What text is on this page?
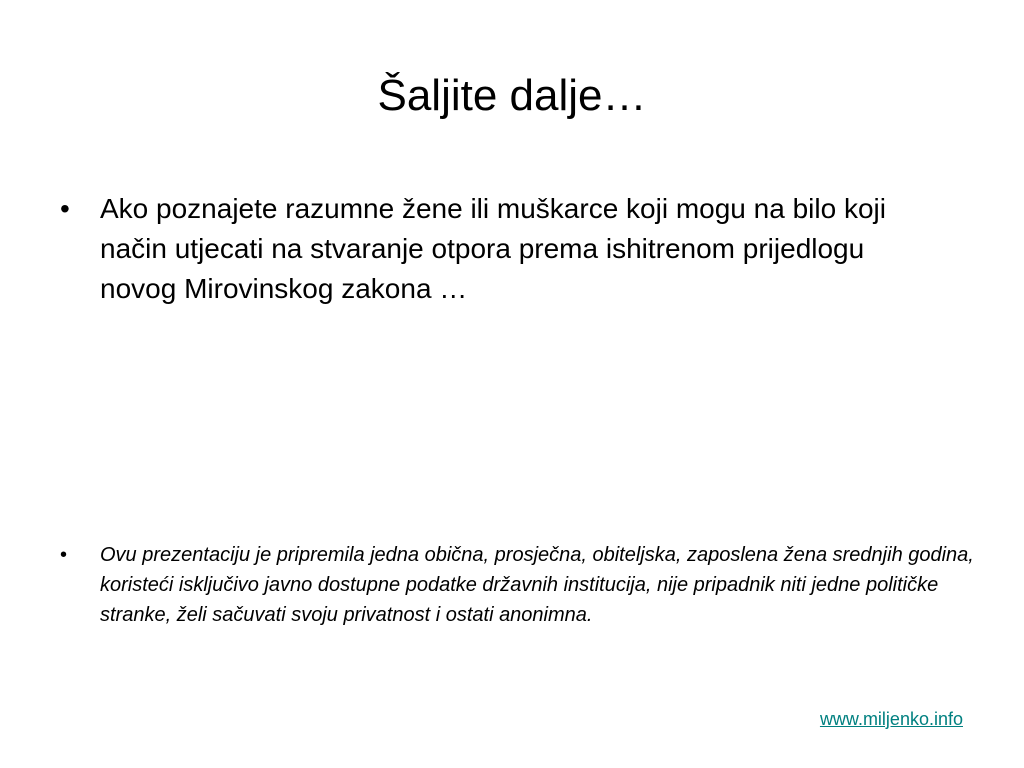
Šaljite dalje…
•	Ako poznajete razumne žene ili muškarce koji mogu na bilo koji način utjecati na stvaranje otpora prema ishitrenom prijedlogu novog Mirovinskog zakona …
•	Ovu prezentaciju je pripremila jedna obična, prosječna, obiteljska, zaposlena žena srednjih godina, koristeći isključivo javno dostupne podatke državnih institucija, nije pripadnik niti jedne političke stranke, želi sačuvati svoju privatnost i ostati anonimna.
www.miljenko.info
